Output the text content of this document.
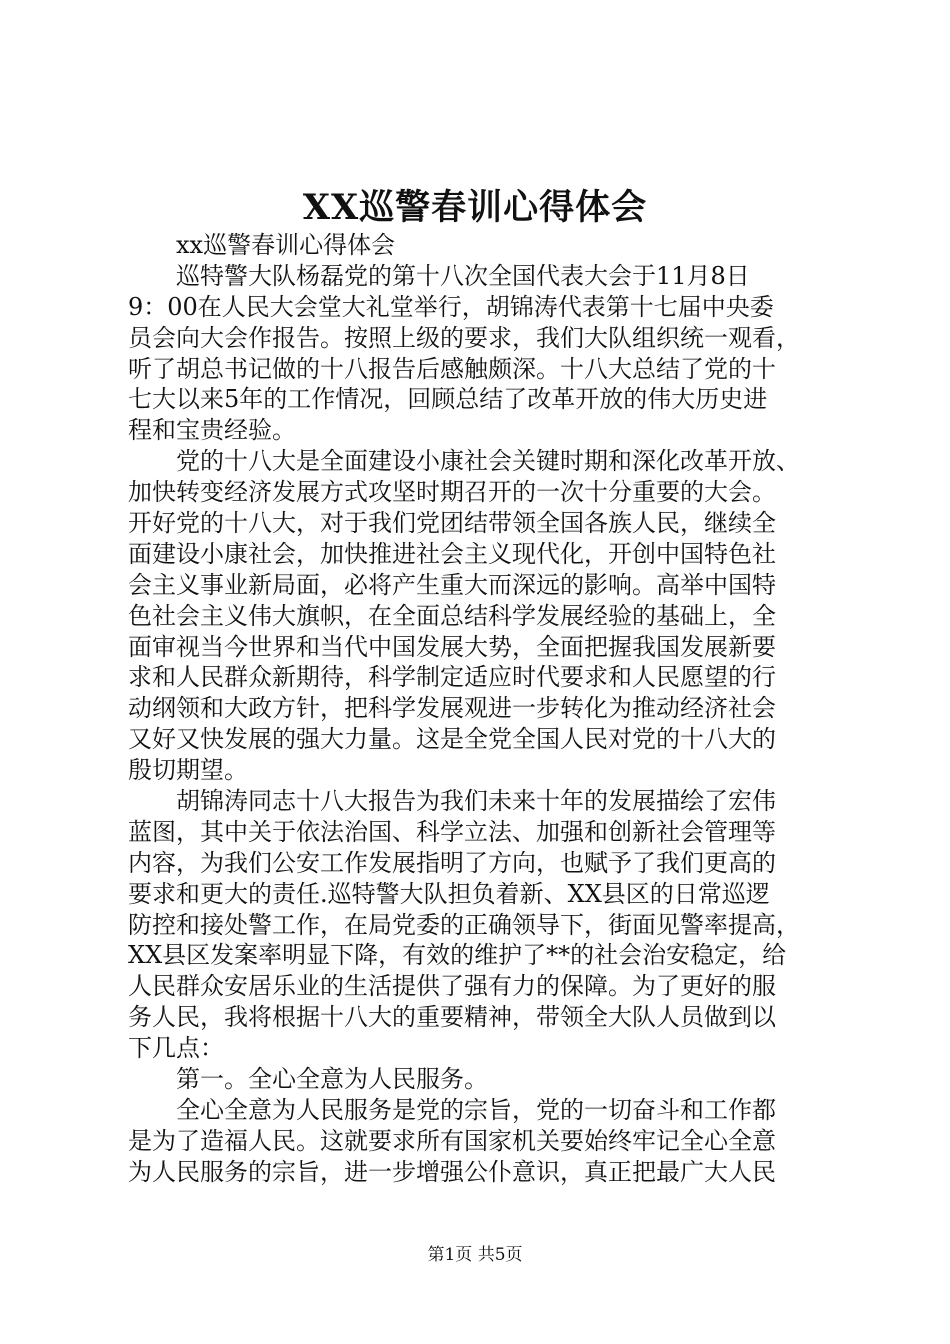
XX巡警春训心得体会
　　xx巡警春训心得体会
　　巡特警大队杨磊党的第十八次全国代表大会于11月8日
9：00在人民大会堂大礼堂举行，胡锦涛代表第十七届中央委
员会向大会作报告。按照上级的要求，我们大队组织统一观看，
听了胡总书记做的十八报告后感触颇深。十八大总结了党的十
七大以来5年的工作情况，回顾总结了改革开放的伟大历史进
程和宝贵经验。
　　党的十八大是全面建设小康社会关键时期和深化改革开放、
加快转变经济发展方式攻坚时期召开的一次十分重要的大会。
开好党的十八大，对于我们党团结带领全国各族人民，继续全
面建设小康社会，加快推进社会主义现代化，开创中国特色社
会主义事业新局面，必将产生重大而深远的影响。高举中国特
色社会主义伟大旗帜，在全面总结科学发展经验的基础上，全
面审视当今世界和当代中国发展大势，全面把握我国发展新要
求和人民群众新期待，科学制定适应时代要求和人民愿望的行
动纲领和大政方针，把科学发展观进一步转化为推动经济社会
又好又快发展的强大力量。这是全党全国人民对党的十八大的
殷切期望。
　　胡锦涛同志十八大报告为我们未来十年的发展描绘了宏伟
蓝图，其中关于依法治国、科学立法、加强和创新社会管理等
内容，为我们公安工作发展指明了方向，也赋予了我们更高的
要求和更大的责任.巡特警大队担负着新、XX县区的日常巡逻
防控和接处警工作，在局党委的正确领导下，街面见警率提高，
XX县区发案率明显下降，有效的维护了**的社会治安稳定，给
人民群众安居乐业的生活提供了强有力的保障。为了更好的服
务人民，我将根据十八大的重要精神，带领全大队人员做到以
下几点：
　　第一。全心全意为人民服务。
　　全心全意为人民服务是党的宗旨，党的一切奋斗和工作都
是为了造福人民。这就要求所有国家机关要始终牢记全心全意
为人民服务的宗旨，进一步增强公仆意识，真正把最广大人民
第1页 共5页
